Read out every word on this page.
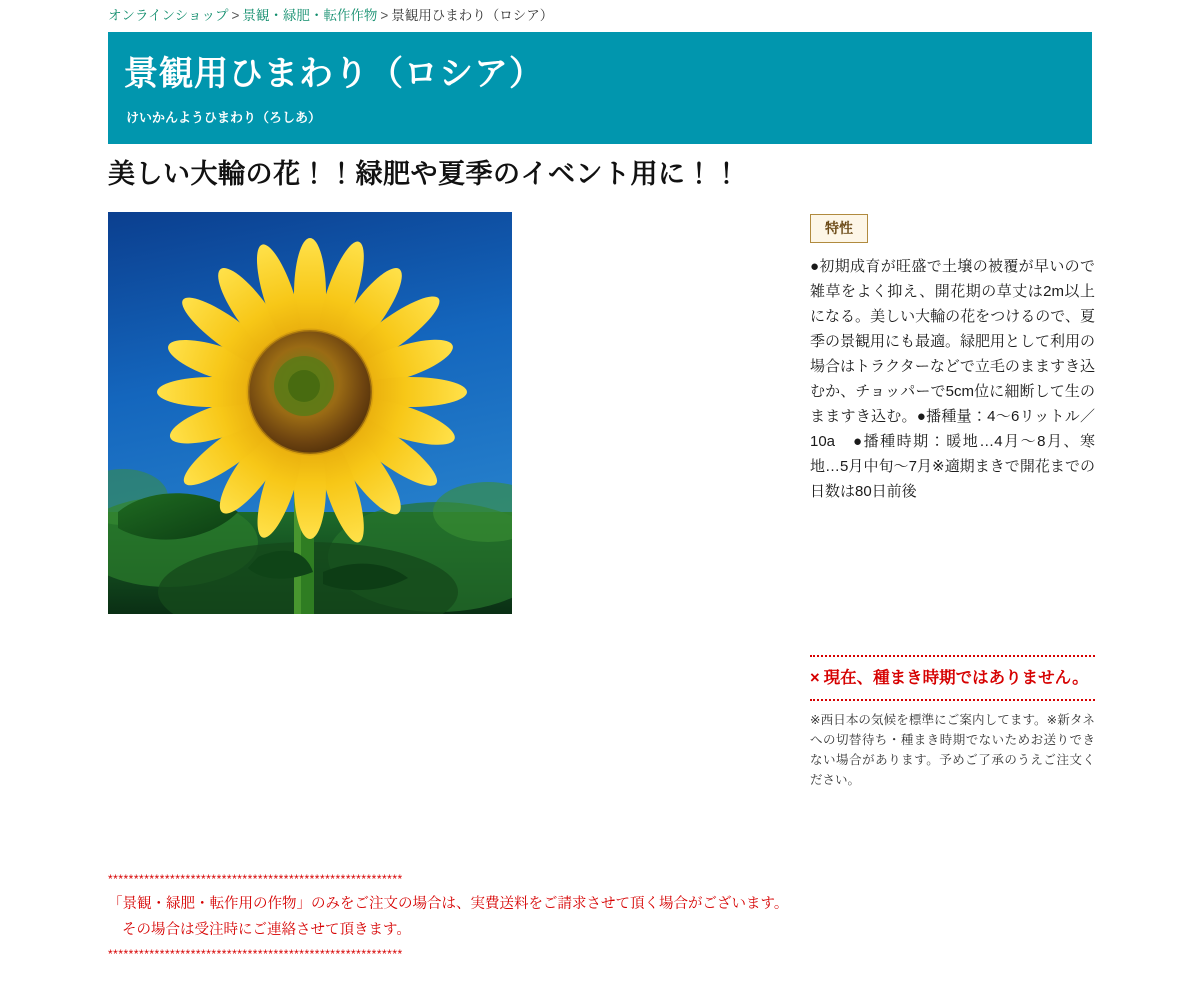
オンラインショップ > 景観・緑肥・転作作物 > 景観用ひまわり（ロシア）
景観用ひまわり（ロシア）
けいかんようひまわり（ろしあ）
美しい大輪の花！！緑肥や夏季のイベント用に！！
特性
●初期成育が旺盛で土壌の被覆が早いので雑草をよく抑え、開花期の草丈は2m以上になる。美しい大輪の花をつけるので、夏季の景観用にも最適。緑肥用として利用の場合はトラクターなどで立毛のまますき込むか、チョッパーで5cm位に細断して生のまますき込む。●播種量：4〜6リットル／10a　●播種時期：暖地…4月〜8月、寒地…5月中旬〜7月※適期まきで開花までの日数は80日前後
× 現在、種まき時期ではありません。
※西日本の気候を標準にご案内してます。※新タネへの切替待ち・種まき時期でないためお送りできない場合があります。予めご了承のうえご注文ください。
*********************************************************
「景観・緑肥・転作用の作物」のみをご注文の場合は、実費送料をご請求させて頂く場合がございます。
その場合は受注時にご連絡させて頂きます。
*********************************************************
